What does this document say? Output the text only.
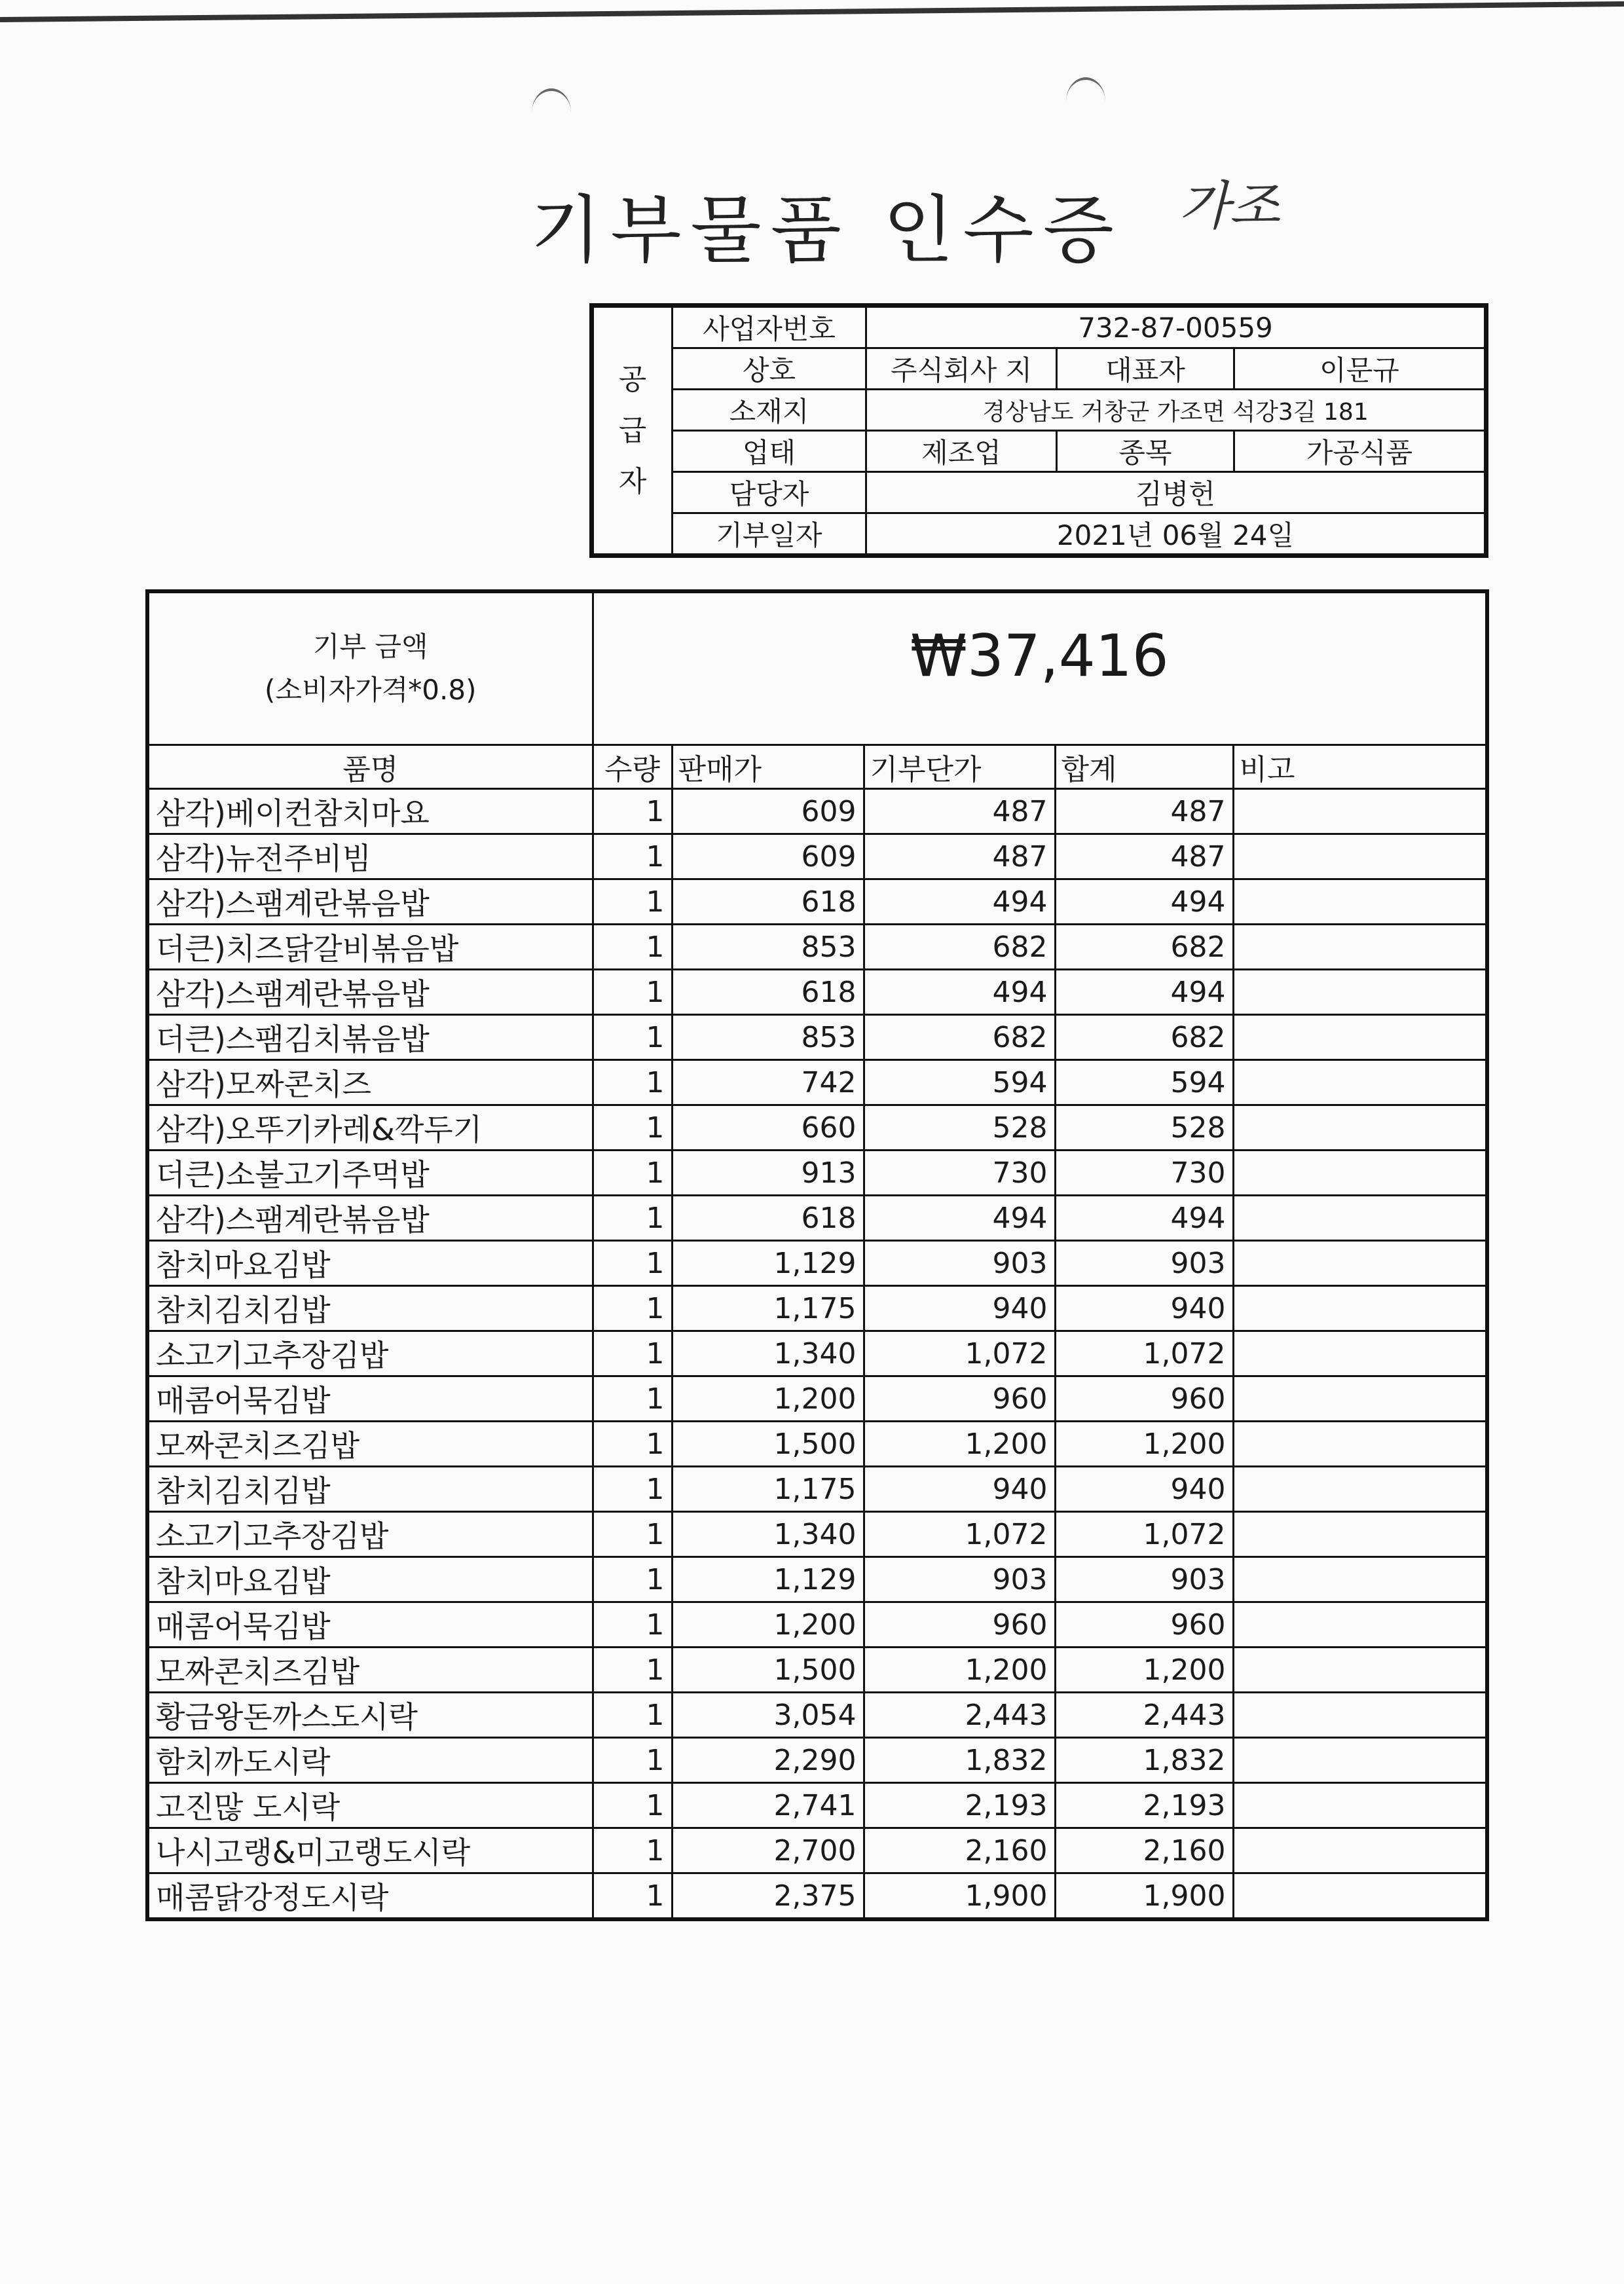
기부물품 인수증 가조
공
급
자	사업자번호	732-87-00559		
	상호	주식회사 지	대표자	이문규
	소재지	경상남도 거창군 가조면 석강3길 181		
	업태	제조업	종목	가공식품
	담당자	김병헌		
	기부일자	2021년 06월 24일		
기부 금액
(소비자가격*0.8)	₩37,416				
품명	수량	판매가	기부단가	합계	비고
삼각)베이컨참치마요	1	609	487	487	
삼각)뉴전주비빔	1	609	487	487	
삼각)스팸계란볶음밥	1	618	494	494	
더큰)치즈닭갈비볶음밥	1	853	682	682	
삼각)스팸계란볶음밥	1	618	494	494	
더큰)스팸김치볶음밥	1	853	682	682	
삼각)모짜콘치즈	1	742	594	594	
삼각)오뚜기카레&깍두기	1	660	528	528	
더큰)소불고기주먹밥	1	913	730	730	
삼각)스팸계란볶음밥	1	618	494	494	
참치마요김밥	1	1,129	903	903	
참치김치김밥	1	1,175	940	940	
소고기고추장김밥	1	1,340	1,072	1,072	
매콤어묵김밥	1	1,200	960	960	
모짜콘치즈김밥	1	1,500	1,200	1,200	
참치김치김밥	1	1,175	940	940	
소고기고추장김밥	1	1,340	1,072	1,072	
참치마요김밥	1	1,129	903	903	
매콤어묵김밥	1	1,200	960	960	
모짜콘치즈김밥	1	1,500	1,200	1,200	
황금왕돈까스도시락	1	3,054	2,443	2,443	
함치까도시락	1	2,290	1,832	1,832	
고진많 도시락	1	2,741	2,193	2,193	
나시고랭&미고랭도시락	1	2,700	2,160	2,160	
매콤닭강정도시락	1	2,375	1,900	1,900	
